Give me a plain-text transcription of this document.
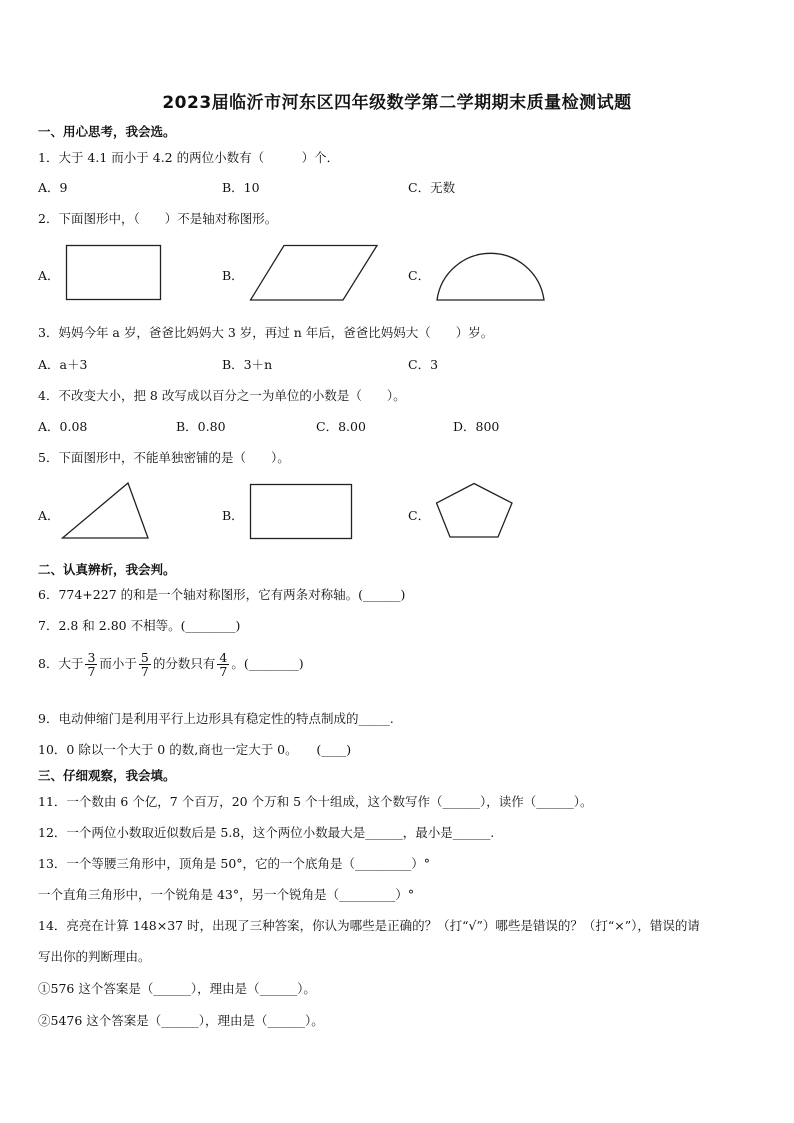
2023届临沂市河东区四年级数学第二学期期末质量检测试题
一、用心思考，我会选。
1．大于 4.1 而小于 4.2 的两位小数有（　　　）个．
A．9	B．10	C．无数
2．下面图形中，（　　）不是轴对称图形。
A．	B．	C．
3．妈妈今年 a 岁，爸爸比妈妈大 3 岁，再过 n 年后，爸爸比妈妈大（　　）岁。
A．a＋3	B．3＋n	C．3
4．不改变大小，把 8 改写成以百分之一为单位的小数是（　　）。
A．0.08	B．0.80	C．8.00	D．800
5．下面图形中，不能单独密铺的是（　　）。
A．	B．	C．
二、认真辨析，我会判。
6．774+227 的和是一个轴对称图形，它有两条对称轴。(______)
7．2.8 和 2.80 不相等。(________)
8．大于 $\frac{3}{7}$ 而小于 $\frac{5}{7}$ 的分数只有 $\frac{4}{7}$ 。(________)
9．电动伸缩门是利用平行上边形具有稳定性的特点制成的_____.
10．0 除以一个大于 0 的数,商也一定大于 0。　　(____)
三、仔细观察，我会填。
11．一个数由 6 个亿，7 个百万，20 个万和 5 个十组成，这个数写作（______），读作（______）。
12．一个两位小数取近似数后是 5.8，这个两位小数最大是______，最小是______.
13．一个等腰三角形中，顶角是 50°，它的一个底角是（_________）°
一个直角三角形中，一个锐角是 43°，另一个锐角是（_________）°
14．亮亮在计算 148×37 时，出现了三种答案，你认为哪些是正确的？（打“√”）哪些是错误的？（打“×”），错误的请
写出你的判断理由。
①576 这个答案是（______），理由是（______）。
②5476 这个答案是（______），理由是（______）。
